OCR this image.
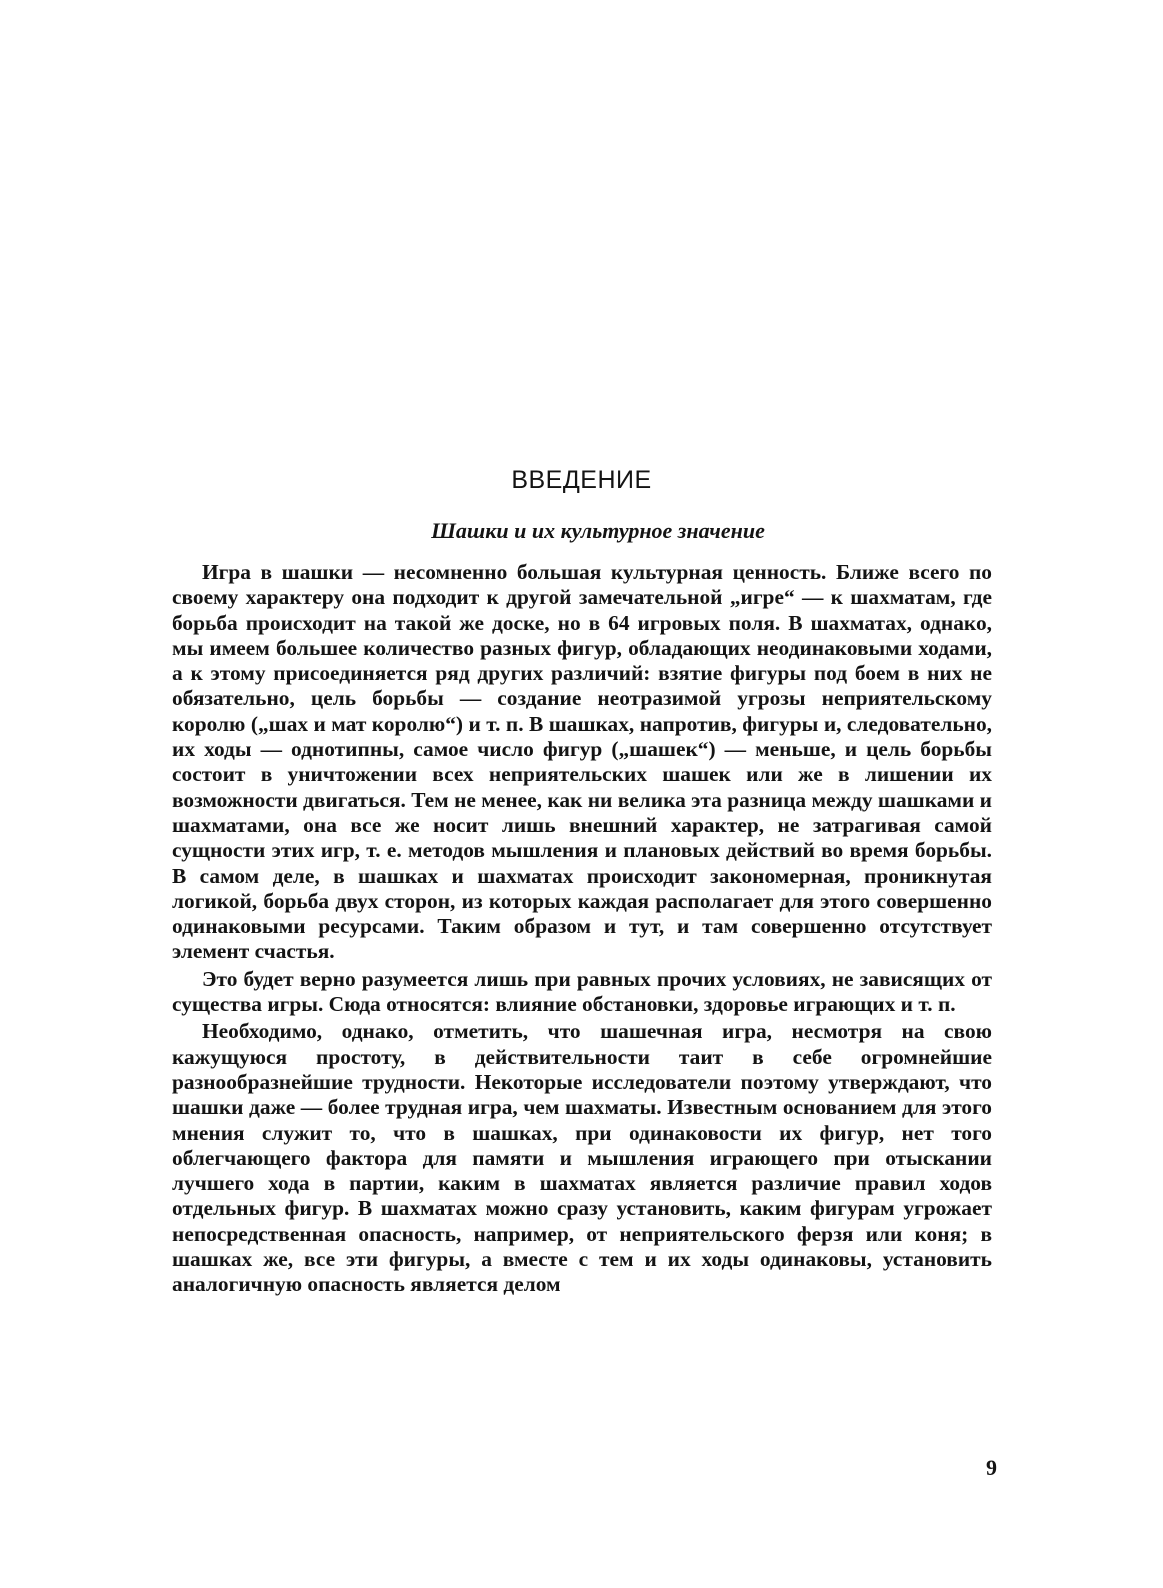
ВВЕДЕНИЕ
Шашки и их культурное значение

Игра в шашки — несомненно большая культурная ценность. Ближе всего по своему характеру она подходит к другой замечательной „игре“ — к шахматам, где борьба происходит на такой же доске, но в 64 игровых поля. В шахматах, однако, мы имеем большее количество разных фигур, обладающих неодинаковыми ходами, а к этому присоединяется ряд других различий: взятие фигуры под боем в них не обязательно, цель борьбы — создание неотразимой угрозы неприятельскому королю („шах и мат королю“) и т. п. В шашках, напротив, фигуры и, следовательно, их ходы — однотипны, самое число фигур („шашек“) — меньше, и цель борьбы состоит в уничтожении всех неприятельских шашек или же в лишении их возможности двигаться. Тем не менее, как ни велика эта разница между шашками и шахматами, она все же носит лишь внешний характер, не затрагивая самой сущности этих игр, т. е. методов мышления и плановых действий во время борьбы. В самом деле, в шашках и шахматах происходит закономерная, проникнутая логикой, борьба двух сторон, из которых каждая располагает для этого совершенно одинаковыми ресурсами. Таким образом и тут, и там совершенно отсутствует элемент счастья.

Это будет верно разумеется лишь при равных прочих условиях, не зависящих от существа игры. Сюда относятся: влияние обстановки, здоровье играющих и т. п.

Необходимо, однако, отметить, что шашечная игра, несмотря на свою кажущуюся простоту, в действительности таит в себе огромнейшие разнообразнейшие трудности. Некоторые исследователи поэтому утверждают, что шашки даже — более трудная игра, чем шахматы. Известным основанием для этого мнения служит то, что в шашках, при одинаковости их фигур, нет того облегчающего фактора для памяти и мышления играющего при отыскании лучшего хода в партии, каким в шахматах является различие правил ходов отдельных фигур. В шахматах можно сразу установить, каким фигурам угрожает непосредственная опасность, например, от неприятельского ферзя или коня; в шашках же, все эти фигуры, а вместе с тем и их ходы одинаковы, установить аналогичную опасность является делом

9
